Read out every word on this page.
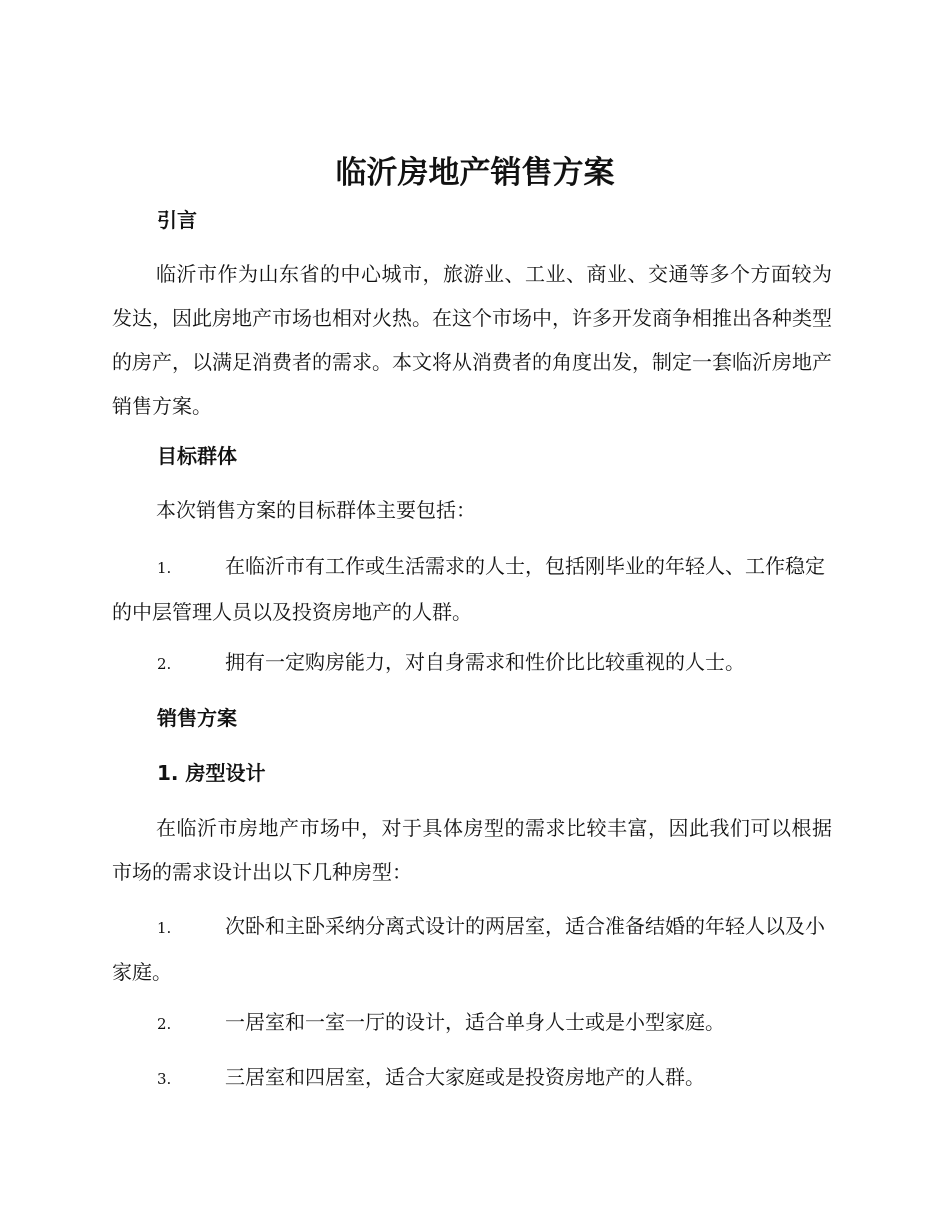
临沂房地产销售方案
引言

临沂市作为山东省的中心城市，旅游业、工业、商业、交通等多个方面较为发达，因此房地产市场也相对火热。在这个市场中，许多开发商争相推出各种类型的房产，以满足消费者的需求。本文将从消费者的角度出发，制定一套临沂房地产销售方案。

目标群体

本次销售方案的目标群体主要包括：

1.	在临沂市有工作或生活需求的人士，包括刚毕业的年轻人、工作稳定的中层管理人员以及投资房地产的人群。

2.	拥有一定购房能力，对自身需求和性价比比较重视的人士。

销售方案
1. 房型设计

在临沂市房地产市场中，对于具体房型的需求比较丰富，因此我们可以根据市场的需求设计出以下几种房型：

1.	次卧和主卧采纳分离式设计的两居室，适合准备结婚的年轻人以及小家庭。

2.	一居室和一室一厅的设计，适合单身人士或是小型家庭。

3.	三居室和四居室，适合大家庭或是投资房地产的人群。
